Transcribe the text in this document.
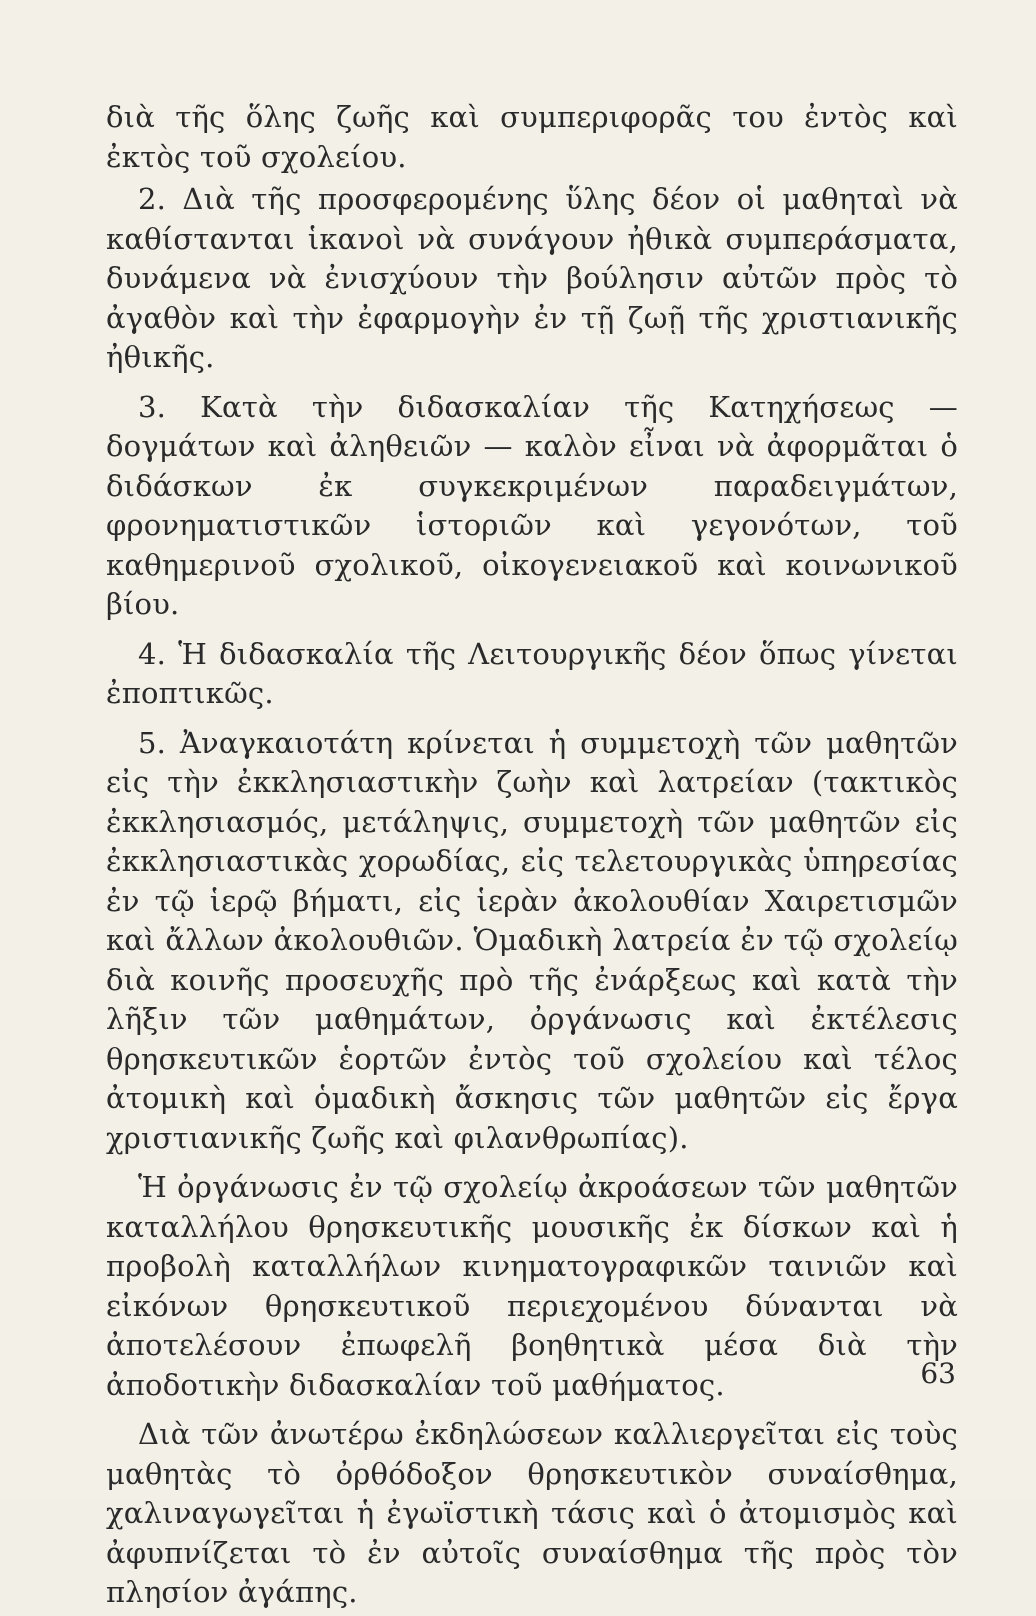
διὰ τῆς ὅλης ζωῆς καὶ συμπεριφορᾶς του ἐντὸς καὶ ἐκτὸς τοῦ σχολείου.

2. Διὰ τῆς προσφερομένης ὕλης δέον οἱ μαθηταὶ νὰ καθίστανται ἱκανοὶ νὰ συνάγουν ἠθικὰ συμπεράσματα, δυνάμενα νὰ ἐνισχύουν τὴν βούλησιν αὐτῶν πρὸς τὸ ἀγαθὸν καὶ τὴν ἐφαρμογὴν ἐν τῇ ζωῇ τῆς χριστιανικῆς ἠθικῆς.

3. Κατὰ τὴν διδασκαλίαν τῆς Κατηχήσεως — δογμάτων καὶ ἀληθειῶν — καλὸν εἶναι νὰ ἀφορμᾶται ὁ διδάσκων ἐκ συγκεκριμένων παραδειγμάτων, φρονηματιστικῶν ἱστοριῶν καὶ γεγονότων, τοῦ καθημερινοῦ σχολικοῦ, οἰκογενειακοῦ καὶ κοινωνικοῦ βίου.

4. Ἡ διδασκαλία τῆς Λειτουργικῆς δέον ὅπως γίνεται ἐποπτικῶς.

5. Ἀναγκαιοτάτη κρίνεται ἡ συμμετοχὴ τῶν μαθητῶν εἰς τὴν ἐκκλησιαστικὴν ζωὴν καὶ λατρείαν (τακτικὸς ἐκκλησιασμός, μετάληψις, συμμετοχὴ τῶν μαθητῶν εἰς ἐκκλησιαστικὰς χορωδίας, εἰς τελετουργικὰς ὑπηρεσίας ἐν τῷ ἱερῷ βήματι, εἰς ἱερὰν ἀκολουθίαν Χαιρετισμῶν καὶ ἄλλων ἀκολουθιῶν. Ὁμαδικὴ λατρεία ἐν τῷ σχολείῳ διὰ κοινῆς προσευχῆς πρὸ τῆς ἐνάρξεως καὶ κατὰ τὴν λῆξιν τῶν μαθημάτων, ὀργάνωσις καὶ ἐκτέλεσις θρησκευτικῶν ἑορτῶν ἐντὸς τοῦ σχολείου καὶ τέλος ἀτομικὴ καὶ ὁμαδικὴ ἄσκησις τῶν μαθητῶν εἰς ἔργα χριστιανικῆς ζωῆς καὶ φιλανθρωπίας).

Ἡ ὀργάνωσις ἐν τῷ σχολείῳ ἀκροάσεων τῶν μαθητῶν καταλλήλου θρησκευτικῆς μουσικῆς ἐκ δίσκων καὶ ἡ προβολὴ καταλλήλων κινηματογραφικῶν ταινιῶν καὶ εἰκόνων θρησκευτικοῦ περιεχομένου δύνανται νὰ ἀποτελέσουν ἐπωφελῆ βοηθητικὰ μέσα διὰ τὴν ἀποδοτικὴν διδασκαλίαν τοῦ μαθήματος.

Διὰ τῶν ἀνωτέρω ἐκδηλώσεων καλλιεργεῖται εἰς τοὺς μαθητὰς τὸ ὀρθόδοξον θρησκευτικὸν συναίσθημα, χαλιναγωγεῖται ἡ ἐγωϊστικὴ τάσις καὶ ὁ ἀτομισμὸς καὶ ἀφυπνίζεται τὸ ἐν αὐτοῖς συναίσθημα τῆς πρὸς τὸν πλησίον ἀγάπης.

63
